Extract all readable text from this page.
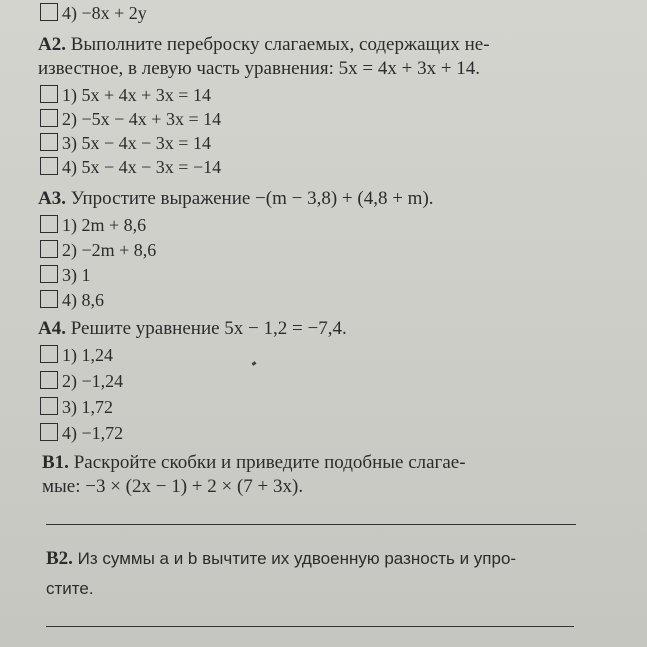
4) −8x + 2y
A2. Выполните переброску слагаемых, содержащих не-
известное, в левую часть уравнения: 5x = 4x + 3x + 14.
1) 5x + 4x + 3x = 14
2) −5x − 4x + 3x = 14
3) 5x − 4x − 3x = 14
4) 5x − 4x − 3x = −14
A3. Упростите выражение −(m − 3,8) + (4,8 + m).
1) 2m + 8,6
2) −2m + 8,6
3) 1
4) 8,6
A4. Решите уравнение 5x − 1,2 = −7,4.
1) 1,24
2) −1,24
3) 1,72
4) −1,72
B1. Раскройте скобки и приведите подобные слагае-
мые: −3 × (2x − 1) + 2 × (7 + 3x).
B2. Из суммы a и b вычтите их удвоенную разность и упро-
стите.
